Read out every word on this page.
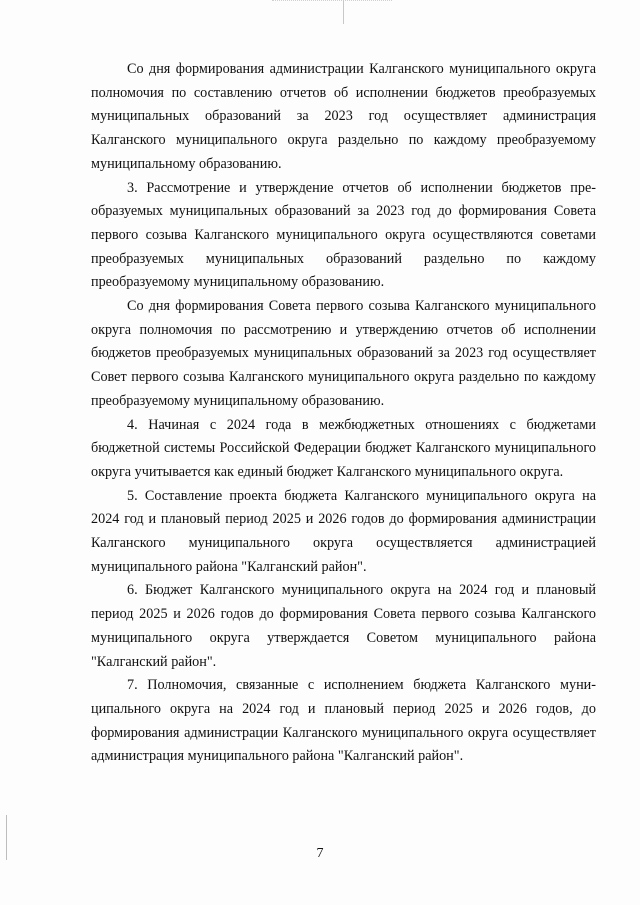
Со дня формирования администрации Калганского муниципального округа полномочия по составлению отчетов об исполнении бюджетов преобразуемых муниципальных образований за 2023 год осуществляет администрация Калганского муниципального округа раздельно по каждому преобразуемому муниципальному образованию.

3. Рассмотрение и утверждение отчетов об исполнении бюджетов преобразуемых муниципальных образований за 2023 год до формирования Совета первого созыва Калганского муниципального округа осуществляются советами преобразуемых муниципальных образований раздельно по каждому преобразуемому муниципальному образованию.

Со дня формирования Совета первого созыва Калганского муниципального округа полномочия по рассмотрению и утверждению отчетов об исполнении бюджетов преобразуемых муниципальных образований за 2023 год осуществляет Совет первого созыва Калганского муниципального округа раздельно по каждому преобразуемому муниципальному образованию.

4. Начиная с 2024 года в межбюджетных отношениях с бюджетами бюджетной системы Российской Федерации бюджет Калганского муниципального округа учитывается как единый бюджет Калганского муниципального округа.

5. Составление проекта бюджета Калганского муниципального округа на 2024 год и плановый период 2025 и 2026 годов до формирования администрации Калганского муниципального округа осуществляется администрацией муниципального района "Калганский район".

6. Бюджет Калганского муниципального округа на 2024 год и плановый период 2025 и 2026 годов до формирования Совета первого созыва Калганского муниципального округа утверждается Советом муниципального района "Калганский район".

7. Полномочия, связанные с исполнением бюджета Калганского муниципального округа на 2024 год и плановый период 2025 и 2026 годов, до формирования администрации Калганского муниципального округа осуществляет администрация муниципального района "Калганский район".

7
